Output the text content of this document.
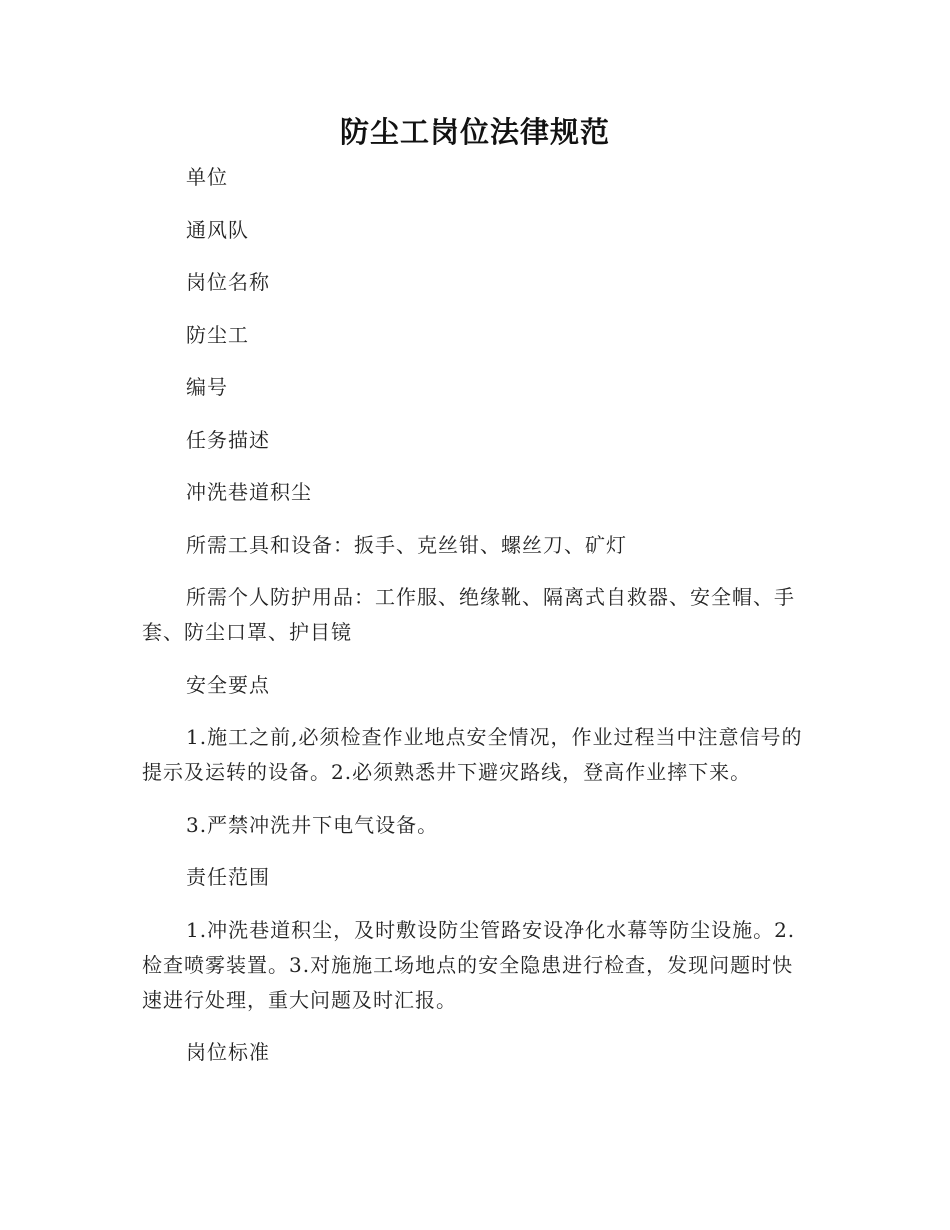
防尘工岗位法律规范

单位

通风队

岗位名称

防尘工

编号

任务描述

冲洗巷道积尘

所需工具和设备：扳手、克丝钳、螺丝刀、矿灯

所需个人防护用品：工作服、绝缘靴、隔离式自救器、安全帽、手套、防尘口罩、护目镜

安全要点

1.施工之前,必须检查作业地点安全情况，作业过程当中注意信号的提示及运转的设备。2.必须熟悉井下避灾路线，登高作业摔下来。

3.严禁冲洗井下电气设备。

责任范围

1.冲洗巷道积尘，及时敷设防尘管路安设净化水幕等防尘设施。2.检查喷雾装置。3.对施施工场地点的安全隐患进行检查，发现问题时快速进行处理，重大问题及时汇报。

岗位标准
